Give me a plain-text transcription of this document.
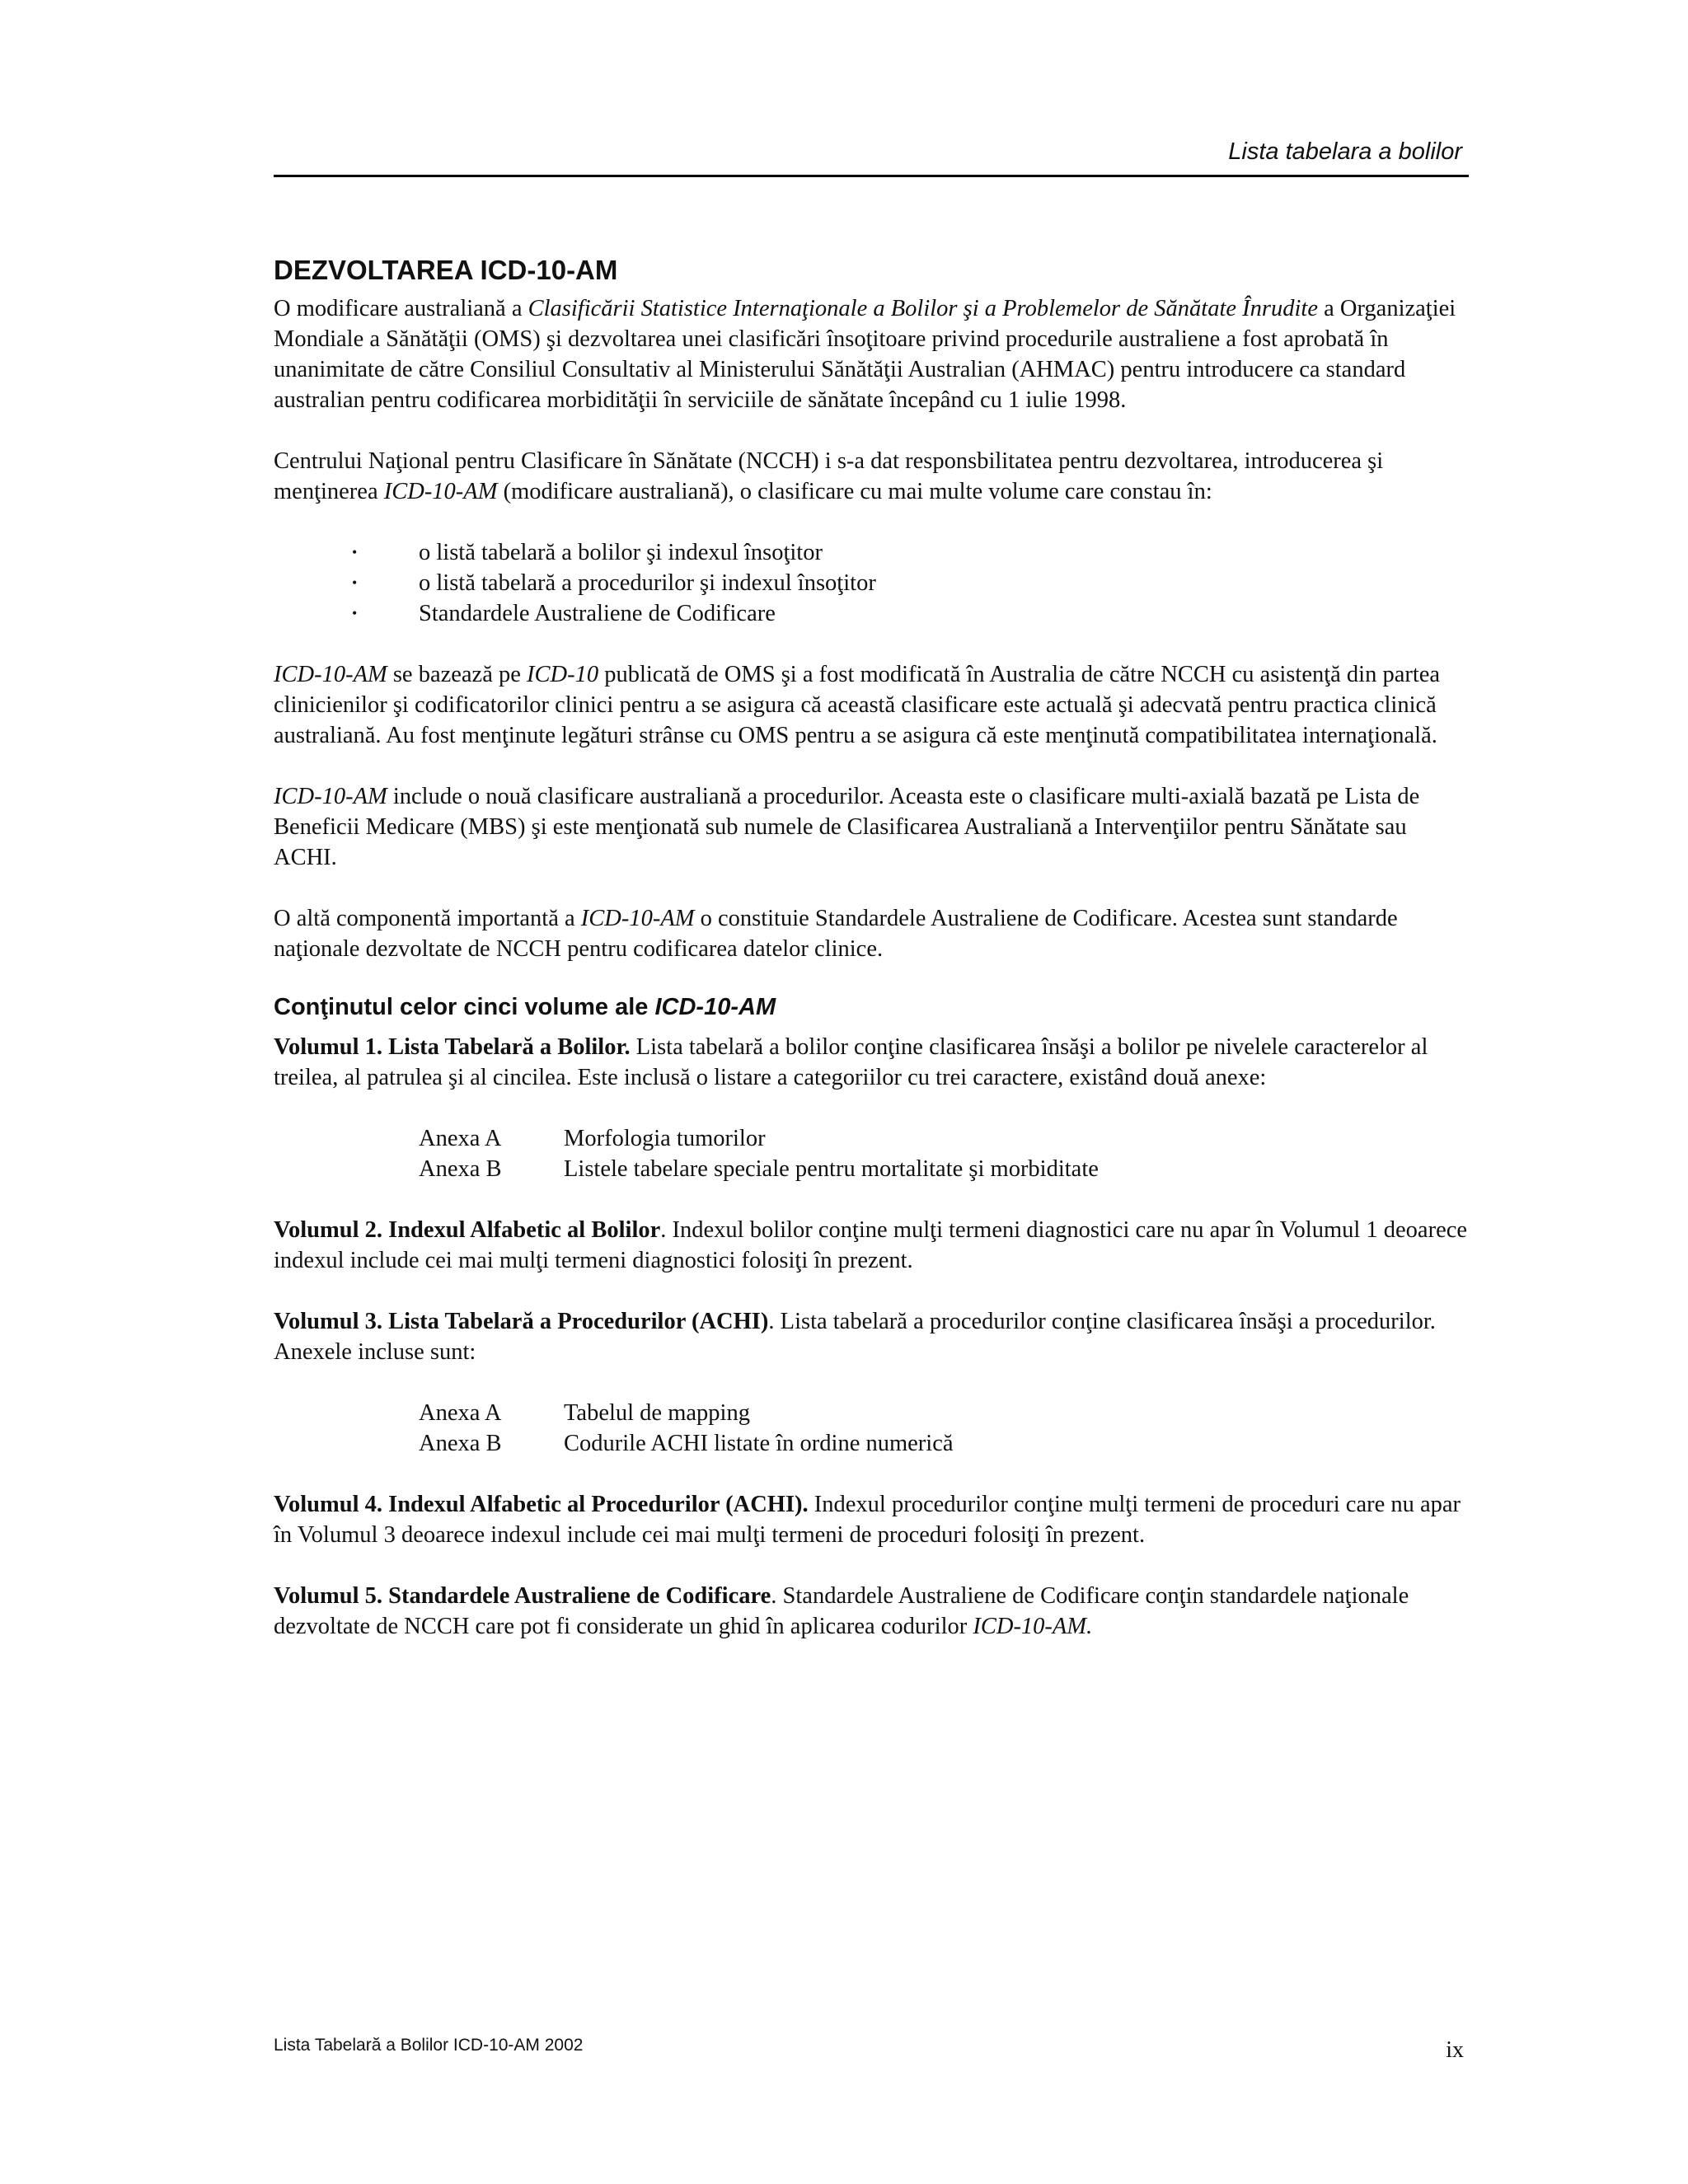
Lista tabelara a bolilor
DEZVOLTAREA ICD-10-AM

O modificare australiană a Clasificării Statistice Internaţionale a Bolilor şi a Problemelor de Sănătate Înrudite a Organizaţiei Mondiale a Sănătăţii (OMS) şi dezvoltarea unei clasificări însoţitoare privind procedurile australiene a fost aprobată în unanimitate de către Consiliul Consultativ al Ministerului Sănătăţii Australian (AHMAC) pentru introducere ca standard australian pentru codificarea morbidităţii în serviciile de sănătate începând cu 1 iulie 1998.

Centrului Naţional pentru Clasificare în Sănătate (NCCH) i s-a dat responsbilitatea pentru dezvoltarea, introducerea şi menţinerea ICD-10-AM (modificare australiană), o clasificare cu mai multe volume care constau în:

•	o listă tabelară a bolilor şi indexul însoţitor
•	o listă tabelară a procedurilor şi indexul însoţitor
•	Standardele Australiene de Codificare

ICD-10-AM se bazează pe ICD-10 publicată de OMS şi a fost modificată în Australia de către NCCH cu asistenţă din partea clinicienilor şi codificatorilor clinici pentru a se asigura că această clasificare este actuală şi adecvată pentru practica clinică australiană. Au fost menţinute legături strânse cu OMS pentru a se asigura că este menţinută compatibilitatea internaţională.

ICD-10-AM include o nouă clasificare australiană a procedurilor. Aceasta este o clasificare multi-axială bazată pe Lista de Beneficii Medicare (MBS) şi este menţionată sub numele de Clasificarea Australiană a Intervenţiilor pentru Sănătate sau ACHI.

O altă componentă importantă a ICD-10-AM o constituie Standardele Australiene de Codificare. Acestea sunt standarde naţionale dezvoltate de NCCH pentru codificarea datelor clinice.

Conţinutul celor cinci volume ale ICD-10-AM

Volumul 1. Lista Tabelară a Bolilor. Lista tabelară a bolilor conţine clasificarea însăşi a bolilor pe nivelele caracterelor al treilea, al patrulea şi al cincilea. Este inclusă o listare a categoriilor cu trei caractere, existând două anexe:

Anexa A	Morfologia tumorilor
Anexa B	Listele tabelare speciale pentru mortalitate şi morbiditate

Volumul 2. Indexul Alfabetic al Bolilor. Indexul bolilor conţine mulţi termeni diagnostici care nu apar în Volumul 1 deoarece indexul include cei mai mulţi termeni diagnostici folosiţi în prezent.

Volumul 3. Lista Tabelară a Procedurilor (ACHI). Lista tabelară a procedurilor conţine clasificarea însăşi a procedurilor. Anexele incluse sunt:

Anexa A	Tabelul de mapping
Anexa B	Codurile ACHI listate în ordine numerică

Volumul 4. Indexul Alfabetic al Procedurilor (ACHI). Indexul procedurilor conţine mulţi termeni de proceduri care nu apar în Volumul 3 deoarece indexul include cei mai mulţi termeni de proceduri folosiţi în prezent.

Volumul 5. Standardele Australiene de Codificare. Standardele Australiene de Codificare conţin standardele naţionale dezvoltate de NCCH care pot fi considerate un ghid în aplicarea codurilor ICD-10-AM.

Lista Tabelară a Bolilor ICD-10-AM 2002	ix
